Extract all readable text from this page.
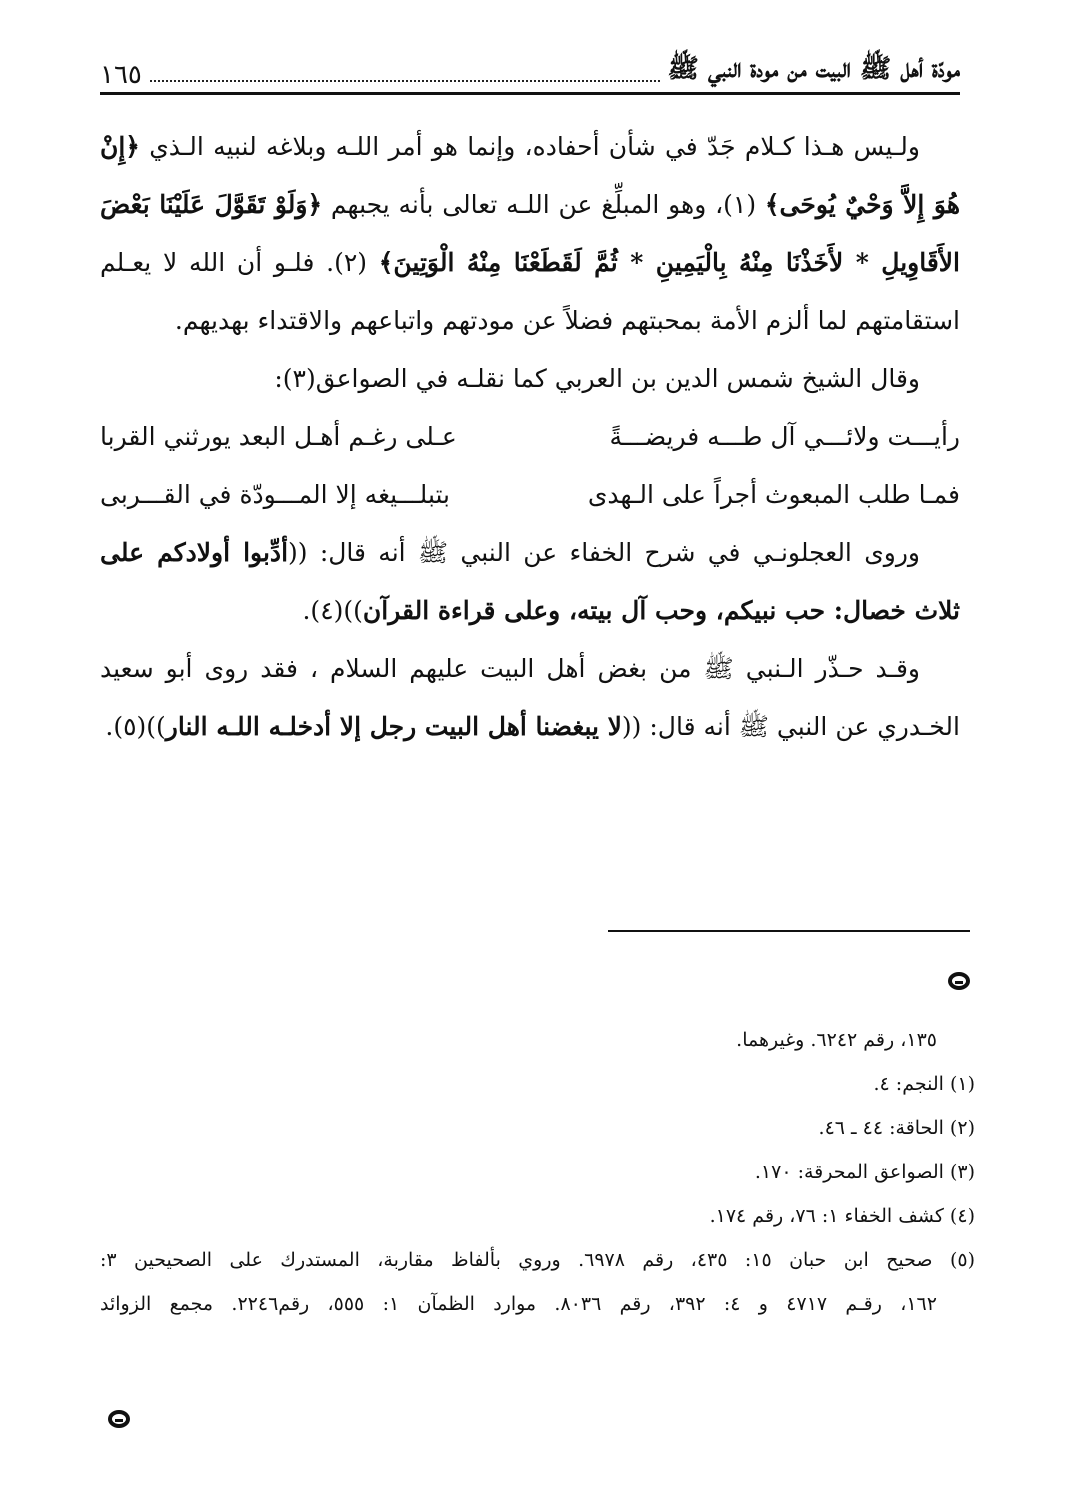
مودّة أهل ﷺ البيت من مودة النبي ﷺ
١٦٥

ولـيس هـذا كـلام جَدّ في شأن أحفاده، وإنما هو أمر اللـه وبلاغه لنبيه الـذي ﴿إِنْ هُوَ إِلاَّ وَحْيٌ يُوحَى﴾ (١)، وهو المبلِّغ عن اللـه تعالى بأنه يجبهم ﴿وَلَوْ تَقَوَّلَ عَلَيْنَا بَعْضَ الأَقَاوِيلِ * لأَخَذْنَا مِنْهُ بِالْيَمِينِ * ثُمَّ لَقَطَعْنَا مِنْهُ الْوَتِينَ﴾ (٢). فلـو أن الله لا يعـلم استقامتهم لما ألزم الأمة بمحبتهم فضلاً عن مودتهم واتباعهم والاقتداء بهديهم.

وقال الشيخ شمس الدين بن العربي كما نقلـه في الصواعق(٣):

رأيـــت ولائـــي آل طـــه فريضـــةً
عـلى رغـم أهـل البعد يورثني القربا
فمـا طلب المبعوث أجراً على الـهدى
بتبلـــيغه إلا المـــودّة في القـــربى

وروى العجلونـي في شرح الخفاء عن النبي ﷺ أنه قال: ((أدِّبوا أولادكم على ثلاث خصال: حب نبيكم، وحب آل بيته، وعلى قراءة القرآن))(٤).

وقـد حـذّر الـنبي ﷺ من بغض أهل البيت عليهم السلام ، فقد روى أبو سعيد الخـدري عن النبي ﷺ أنه قال: ((لا يبغضنا أهل البيت رجل إلا أدخلـه اللـه النار))(٥).

١٣٥، رقم ٦٢٤٢. وغيرهما.

(١) النجم: ٤.

(٢) الحاقة: ٤٤ ـ ٤٦.

(٣) الصواعق المحرقة: ١٧٠.

(٤) كشف الخفاء ١: ٧٦، رقم ١٧٤.

(٥) صحيح ابن حبان ١٥: ٤٣٥، رقم ٦٩٧٨. وروي بألفاظ مقاربة، المستدرك على الصحيحين ٣:

١٦٢، رقـم ٤٧١٧ و ٤: ٣٩٢، رقم ٨٠٣٦. موارد الظمآن ١: ٥٥٥، رقم٢٢٤٦. مجمع الزوائد
